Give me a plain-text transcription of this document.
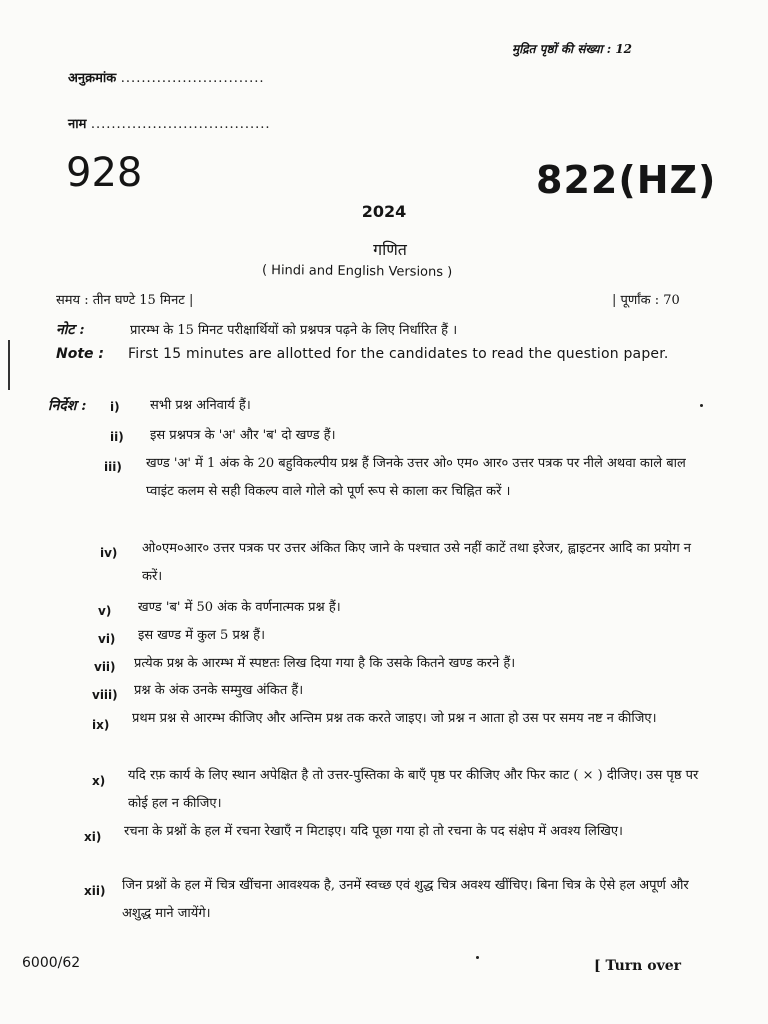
मुद्रित पृष्ठों की संख्या : 12
अनुक्रमांक ............................
नाम ...................................
928	822(HZ)
2024
गणित
( Hindi and English Versions )
समय : तीन घण्टे 15 मिनट |	| पूर्णांक : 70
नोट :	प्रारम्भ के 15 मिनट परीक्षार्थियों को प्रश्नपत्र पढ़ने के लिए निर्धारित हैं ।
Note : First 15 minutes are allotted for the candidates to read the question paper.
निर्देश : i) सभी प्रश्न अनिवार्य हैं।
ii) इस प्रश्नपत्र के 'अ' और 'ब' दो खण्ड हैं।
iii) खण्ड 'अ' में 1 अंक के 20 बहुविकल्पीय प्रश्न हैं जिनके उत्तर ओ० एम० आर० उत्तर पत्रक पर नीले अथवा काले बाल प्वाइंट कलम से सही विकल्प वाले गोले को पूर्ण रूप से काला कर चिह्नित करें ।
iv) ओ०एम०आर० उत्तर पत्रक पर उत्तर अंकित किए जाने के पश्चात उसे नहीं काटें तथा इरेजर, ह्वाइटनर आदि का प्रयोग न करें।
v) खण्ड 'ब' में 50 अंक के वर्णनात्मक प्रश्न हैं।
vi) इस खण्ड में कुल 5 प्रश्न हैं।
vii) प्रत्येक प्रश्न के आरम्भ में स्पष्टतः लिख दिया गया है कि उसके कितने खण्ड करने हैं।
viii) प्रश्न के अंक उनके सम्मुख अंकित हैं।
ix) प्रथम प्रश्न से आरम्भ कीजिए और अन्तिम प्रश्न तक करते जाइए। जो प्रश्न न आता हो उस पर समय नष्ट न कीजिए।
x) यदि रफ़ कार्य के लिए स्थान अपेक्षित है तो उत्तर-पुस्तिका के बाएँ पृष्ठ पर कीजिए और फिर काट ( × ) दीजिए। उस पृष्ठ पर कोई हल न कीजिए।
xi) रचना के प्रश्नों के हल में रचना रेखाएँ न मिटाइए। यदि पूछा गया हो तो रचना के पद संक्षेप में अवश्य लिखिए।
xii) जिन प्रश्नों के हल में चित्र खींचना आवश्यक है, उनमें स्वच्छ एवं शुद्ध चित्र अवश्य खींचिए। बिना चित्र के ऐसे हल अपूर्ण और अशुद्ध माने जायेंगे।
6000/62	[ Turn over
